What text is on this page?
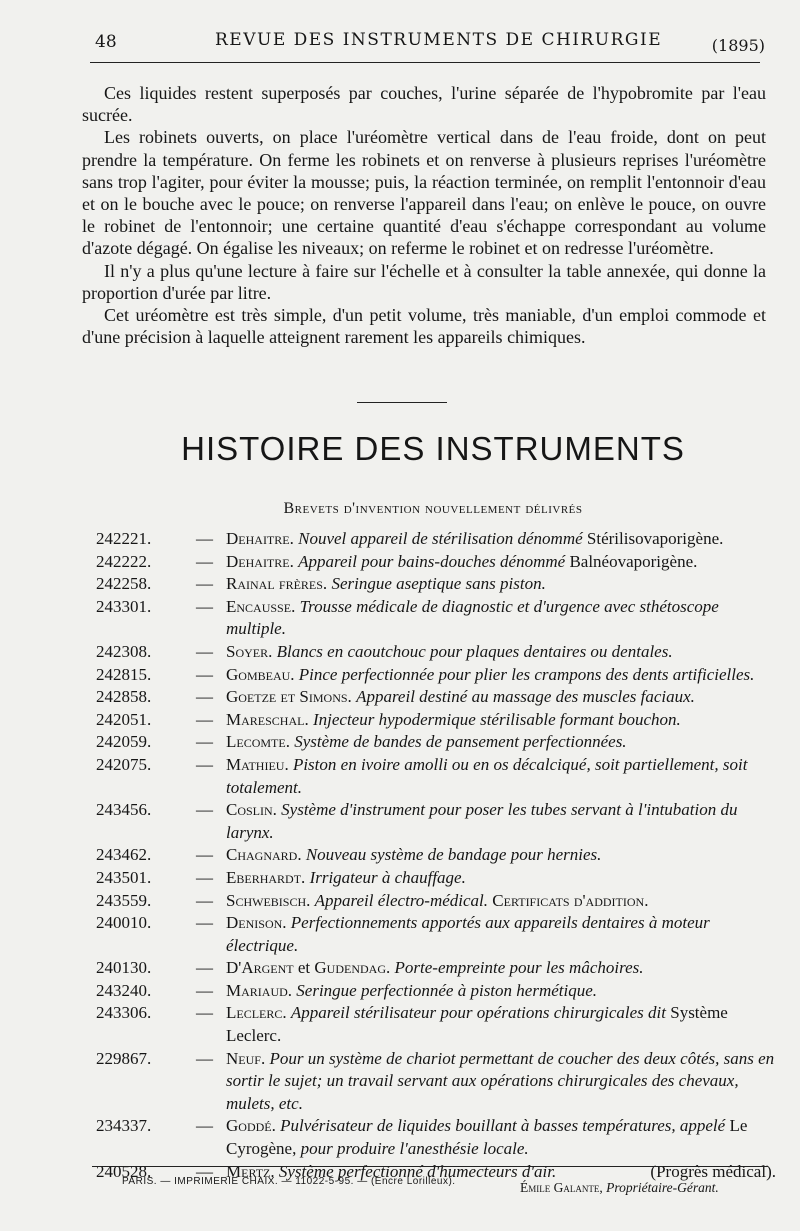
48	REVUE DES INSTRUMENTS DE CHIRURGIE	(1895)

Ces liquides restent superposés par couches, l'urine séparée de l'hypobromite par l'eau sucrée.

Les robinets ouverts, on place l'uréomètre vertical dans de l'eau froide, dont on peut prendre la température. On ferme les robinets et on renverse à plusieurs reprises l'uréomètre sans trop l'agiter, pour éviter la mousse; puis, la réaction terminée, on remplit l'entonnoir d'eau et on le bouche avec le pouce; on renverse l'appareil dans l'eau; on enlève le pouce, on ouvre le robinet de l'entonnoir; une certaine quantité d'eau s'échappe correspondant au volume d'azote dégagé. On égalise les niveaux; on referme le robinet et on redresse l'uréomètre.

Il n'y a plus qu'une lecture à faire sur l'échelle et à consulter la table annexée, qui donne la proportion d'urée par litre.

Cet uréomètre est très simple, d'un petit volume, très maniable, d'un emploi commode et d'une précision à laquelle atteignent rarement les appareils chimiques.

HISTOIRE DES INSTRUMENTS
Brevets d'invention nouvellement délivrés
242221.	— Dehaitre. Nouvel appareil de stérilisation dénommé Stérilisovaporigène.
242222.	— Dehaitre. Appareil pour bains-douches dénommé Balnéovaporigène.
242258.	— Rainal frères. Seringue aseptique sans piston.
243301.	— Encausse. Trousse médicale de diagnostic et d'urgence avec sthétoscope multiple.
242308.	— Soyer. Blancs en caoutchouc pour plaques dentaires ou dentales.
242815.	— Gombeau. Pince perfectionnée pour plier les crampons des dents artificielles.
242858.	— Goetze et Simons. Appareil destiné au massage des muscles faciaux.
242051.	— Mareschal. Injecteur hypodermique stérilisable formant bouchon.
242059.	— Lecomte. Système de bandes de pansement perfectionnées.
242075.	— Mathieu. Piston en ivoire amolli ou en os décalciqué, soit partiellement, soit totalement.
243456.	— Coslin. Système d'instrument pour poser les tubes servant à l'intubation du larynx.
243462.	— Chagnard. Nouveau système de bandage pour hernies.
243501.	— Eberhardt. Irrigateur à chauffage.
243559.	— Schwebisch. Appareil électro-médical. Certificats d'addition.
240010.	— Denison. Perfectionnements apportés aux appareils dentaires à moteur électrique.
240130.	— D'Argent et Gudendag. Porte-empreinte pour les mâchoires.
243240.	— Mariaud. Seringue perfectionnée à piston hermétique.
243306.	— Leclerc. Appareil stérilisateur pour opérations chirurgicales dit Système Leclerc.
229867.	— Neuf. Pour un système de chariot permettant de coucher des deux côtés, sans en sortir le sujet; un travail servant aux opérations chirurgicales des chevaux, mulets, etc.
234337.	— Goddé. Pulvérisateur de liquides bouillant à basses températures, appelé Le Cyrogène, pour produire l'anesthésie locale.
240528.	— Mertz. Système perfectionné d'humecteurs d'air.	(Progrès médical).
PARIS. — IMPRIMERIE CHAIX. — 11022-5-95. — (Encre Lorilleux).	Émile Galante, Propriétaire-Gérant.
